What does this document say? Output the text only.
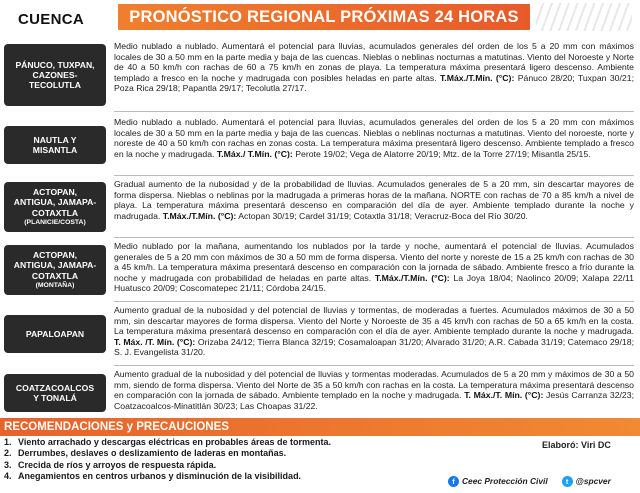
CUENCA	PRONÓSTICO REGIONAL PRÓXIMAS 24 HORAS
PÁNUCO, TUXPAN,
CAZONES-
TECOLUTLA
Medio nublado a nublado. Aumentará el potencial para lluvias, acumulados generales del orden de los 5 a 20 mm con máximos locales de 30 a 50 mm en la parte media y baja de las cuencas. Nieblas o neblinas nocturnas a matutinas. Viento del Noroeste y Norte de 40 a 50 km/h con rachas de 60 a 75 km/h en zonas de playa. La temperatura máxima presentará ligero descenso. Ambiente templado a fresco en la noche y madrugada con posibles heladas en parte altas. T.Máx./T.Mín. (°C): Pánuco 28/20; Tuxpan 30/21; Poza Rica 29/18; Papantla 29/17; Tecolutla 27/17.
NAUTLA Y
MISANTLA
Medio nublado a nublado. Aumentará el potencial para lluvias, acumulados generales del orden de los 5 a 20 mm con máximos locales de 30 a 50 mm en la parte media y baja de las cuencas. Nieblas o neblinas nocturnas a matutinas. Viento del noroeste, norte y noreste de 40 a 50 km/h con rachas en zonas costa. La temperatura máxima presentará ligero descenso. Ambiente templado a fresco en la noche y madrugada. T.Máx./ T.Mín. (°C): Perote 19/02; Vega de Alatorre 20/19; Mtz. de la Torre 27/19; Misantla 25/15.
ACTOPAN,
ANTIGUA, JAMAPA-
COTAXTLA
(PLANICIE/COSTA)
Gradual aumento de la nubosidad y de la probabilidad de lluvias. Acumulados generales de 5 a 20 mm, sin descartar mayores de forma dispersa. Nieblas o neblinas por la madrugada a primeras horas de la mañana. NORTE con rachas de 70 a 85 km/h a nivel de playa. La temperatura máxima presentará descenso en comparación del día de ayer. Ambiente templado durante la noche y madrugada. T.Máx./T.Mín. (°C): Actopan 30/19; Cardel 31/19; Cotaxtla 31/18; Veracruz-Boca del Río 30/20.
ACTOPAN,
ANTIGUA, JAMAPA-
COTAXTLA
(MONTAÑA)
Medio nublado por la mañana, aumentando los nublados por la tarde y noche, aumentará el potencial de lluvias. Acumulados generales de 5 a 20 mm con máximos de 30 a 50 mm de forma dispersa. Viento del norte y noreste de 15 a 25 km/h con rachas de 30 a 45 km/h. La temperatura máxima presentará descenso en comparación con la jornada de sábado. Ambiente fresco a frío durante la noche y madrugada con probabilidad de heladas en parte altas. T.Máx./T.Mín. (°C): La Joya 18/04; Naolinco 20/09; Xalapa 22/11 Huatusco 20/09; Coscomatepec 21/11; Córdoba 24/15.
PAPALOAPAN
Aumento gradual de la nubosidad y del potencial de lluvias y tormentas, de moderadas a fuertes. Acumulados máximos de 30 a 50 mm, sin descartar mayores de forma dispersa. Viento del Norte y Noroeste de 35 a 45 km/h con rachas de 50 a 65 km/h en la costa. La temperatura máxima presentará descenso en comparación con el día de ayer. Ambiente templado durante la noche y madrugada. T. Máx. /T. Mín. (°C): Orizaba 24/12; Tierra Blanca 32/19; Cosamaloapan 31/20; Alvarado 31/20; A.R. Cabada 31/19; Catemaco 29/18; S. J. Evangelista 31/20.
COATZACOALCOS
Y TONALÁ
Aumento gradual de la nubosidad y del potencial de lluvias y tormentas moderadas. Acumulados de 5 a 20 mm y máximos de 30 a 50 mm, siendo de forma dispersa. Viento del Norte de 35 a 50 km/h con rachas en la costa. La temperatura máxima presentará descenso en comparación con la jornada de sábado. Ambiente templado en la noche y madrugada. T. Máx./T. Mín. (°C): Jesús Carranza 32/23; Coatzacoalcos-Minatitlán 30/23; Las Choapas 31/22.
RECOMENDACIONES y PRECAUCIONES
1. Viento arrachado y descargas eléctricas en probables áreas de tormenta.
2. Derrumbes, deslaves o deslizamiento de laderas en montañas.
3. Crecida de ríos y arroyos de respuesta rápida.
4. Anegamientos en centros urbanos y disminución de la visibilidad.
Elaboró: Viri DC
f Ceec Protección Civil	t @spcver
